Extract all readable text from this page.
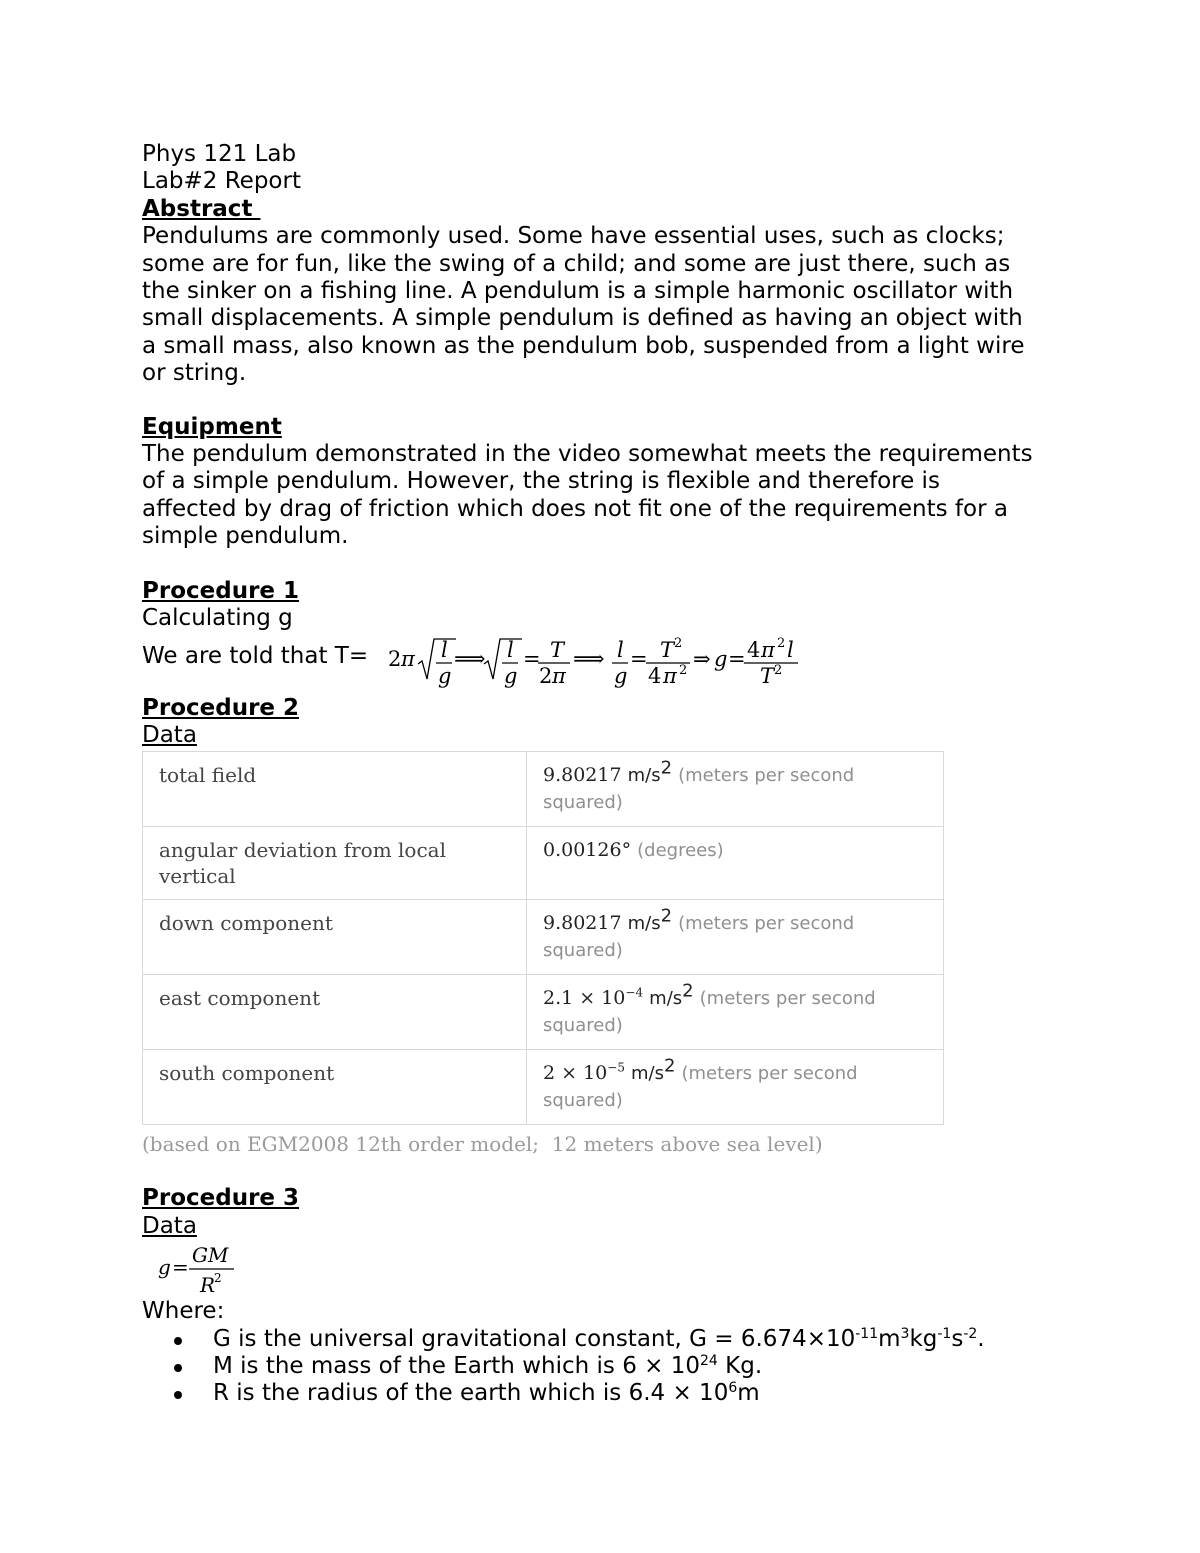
Phys 121 Lab
Lab#2 Report
Abstract
Pendulums are commonly used. Some have essential uses, such as clocks;
some are for fun, like the swing of a child; and some are just there, such as
the sinker on a fishing line. A pendulum is a simple harmonic oscillator with
small displacements. A simple pendulum is defined as having an object with
a small mass, also known as the pendulum bob, suspended from a light wire
or string.
Equipment
The pendulum demonstrated in the video somewhat meets the requirements
of a simple pendulum. However, the string is flexible and therefore is
affected by drag of friction which does not fit one of the requirements for a
simple pendulum.
Procedure 1
Calculating g
We are told that T= 2 π l
g
⟹ l
g
= T
2 π
⟹ l
g
= T 2
4 π 2 ⇒ g = 4 π 2 l
T 2
Procedure 2
Data
total field	9.80217 $m/s^2$ (meters per second squared)
angular deviation from local vertical	0.00126° (degrees)
down component	9.80217 $m/s^2$ (meters per second squared)
east component	$2.1 \times 10^{-4}$ $m/s^2$ (meters per second squared)
south component	$2 \times 10^{-5}$ $m/s^2$ (meters per second squared)
(based on EGM2008 12th order model;  12 meters above sea level)
Procedure 3
Data
g = GM
R
2
Where:
G is the universal gravitational constant, $G = 6.674\times 10^{-11}m^3kg^{-1}s^{-2}$.
M is the mass of the Earth which is $6 \times 10^{24}$ Kg.
R is the radius of the earth which is $6.4 \times 10^6m$
